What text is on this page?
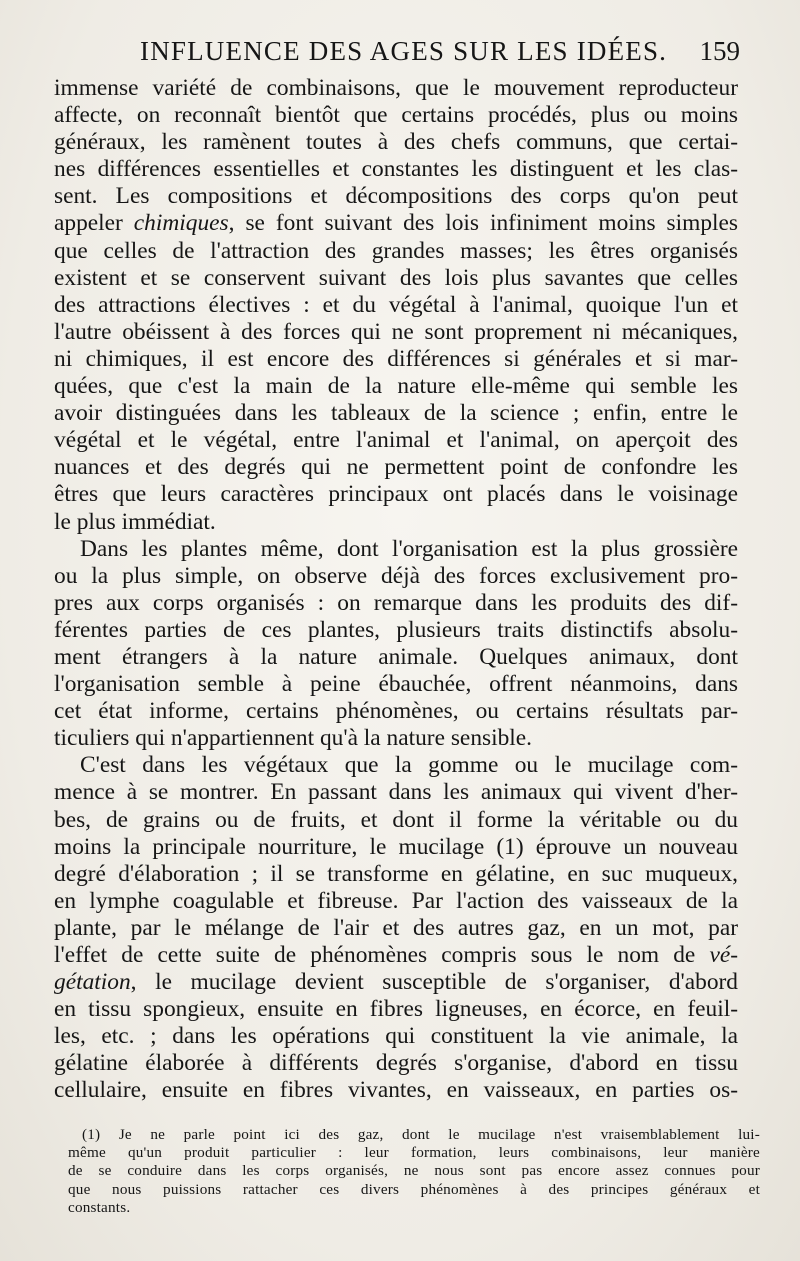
INFLUENCE DES AGES SUR LES IDÉES. 159
immense variété de combinaisons, que le mouvement reproducteur
affecte, on reconnaît bientôt que certains procédés, plus ou moins
généraux, les ramènent toutes à des chefs communs, que certai-
nes différences essentielles et constantes les distinguent et les clas-
sent. Les compositions et décompositions des corps qu'on peut
appeler chimiques, se font suivant des lois infiniment moins simples
que celles de l'attraction des grandes masses; les êtres organisés
existent et se conservent suivant des lois plus savantes que celles
des attractions électives : et du végétal à l'animal, quoique l'un et
l'autre obéissent à des forces qui ne sont proprement ni mécaniques,
ni chimiques, il est encore des différences si générales et si mar-
quées, que c'est la main de la nature elle-même qui semble les
avoir distinguées dans les tableaux de la science ; enfin, entre le
végétal et le végétal, entre l'animal et l'animal, on aperçoit des
nuances et des degrés qui ne permettent point de confondre les
êtres que leurs caractères principaux ont placés dans le voisinage
le plus immédiat.
Dans les plantes même, dont l'organisation est la plus grossière
ou la plus simple, on observe déjà des forces exclusivement pro-
pres aux corps organisés : on remarque dans les produits des dif-
férentes parties de ces plantes, plusieurs traits distinctifs absolu-
ment étrangers à la nature animale. Quelques animaux, dont
l'organisation semble à peine ébauchée, offrent néanmoins, dans
cet état informe, certains phénomènes, ou certains résultats par-
ticuliers qui n'appartiennent qu'à la nature sensible.
C'est dans les végétaux que la gomme ou le mucilage com-
mence à se montrer. En passant dans les animaux qui vivent d'her-
bes, de grains ou de fruits, et dont il forme la véritable ou du
moins la principale nourriture, le mucilage (1) éprouve un nouveau
degré d'élaboration ; il se transforme en gélatine, en suc muqueux,
en lymphe coagulable et fibreuse. Par l'action des vaisseaux de la
plante, par le mélange de l'air et des autres gaz, en un mot, par
l'effet de cette suite de phénomènes compris sous le nom de vé-
gétation, le mucilage devient susceptible de s'organiser, d'abord
en tissu spongieux, ensuite en fibres ligneuses, en écorce, en feuil-
les, etc. ; dans les opérations qui constituent la vie animale, la
gélatine élaborée à différents degrés s'organise, d'abord en tissu
cellulaire, ensuite en fibres vivantes, en vaisseaux, en parties os-
(1) Je ne parle point ici des gaz, dont le mucilage n'est vraisemblablement lui-
même qu'un produit particulier : leur formation, leurs combinaisons, leur manière
de se conduire dans les corps organisés, ne nous sont pas encore assez connues pour
que nous puissions rattacher ces divers phénomènes à des principes généraux et
constants.
